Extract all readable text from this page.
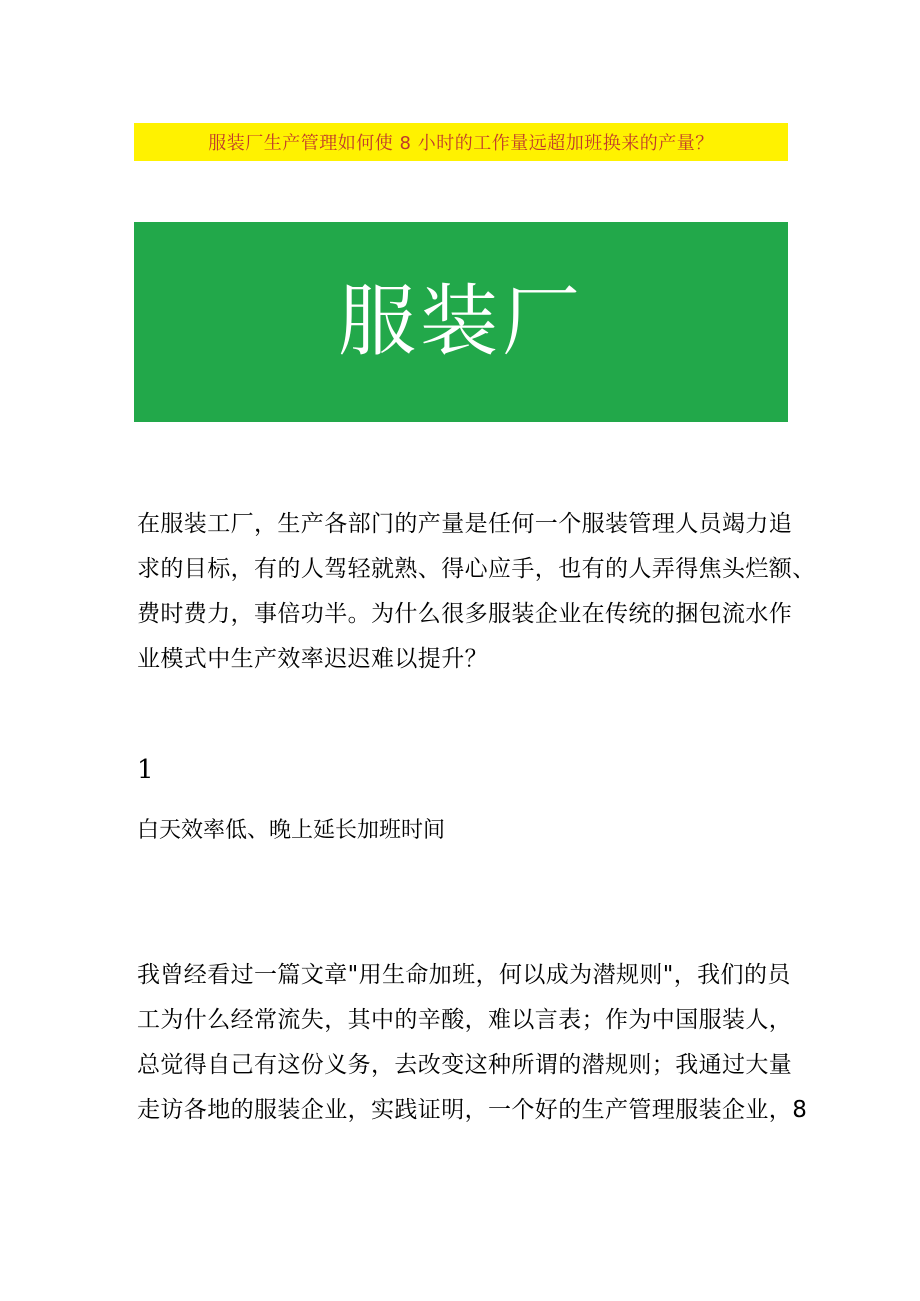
服装厂生产管理如何使 8 小时的工作量远超加班换来的产量？
服装厂
在服装工厂，生产各部门的产量是任何一个服装管理人员竭力追
求的目标，有的人驾轻就熟、得心应手，也有的人弄得焦头烂额、
费时费力，事倍功半。为什么很多服装企业在传统的捆包流水作
业模式中生产效率迟迟难以提升？
1
白天效率低、晚上延长加班时间
我曾经看过一篇文章"用生命加班，何以成为潜规则"，我们的员
工为什么经常流失，其中的辛酸，难以言表；作为中国服装人，
总觉得自己有这份义务，去改变这种所谓的潜规则；我通过大量
走访各地的服装企业，实践证明，一个好的生产管理服装企业，8
